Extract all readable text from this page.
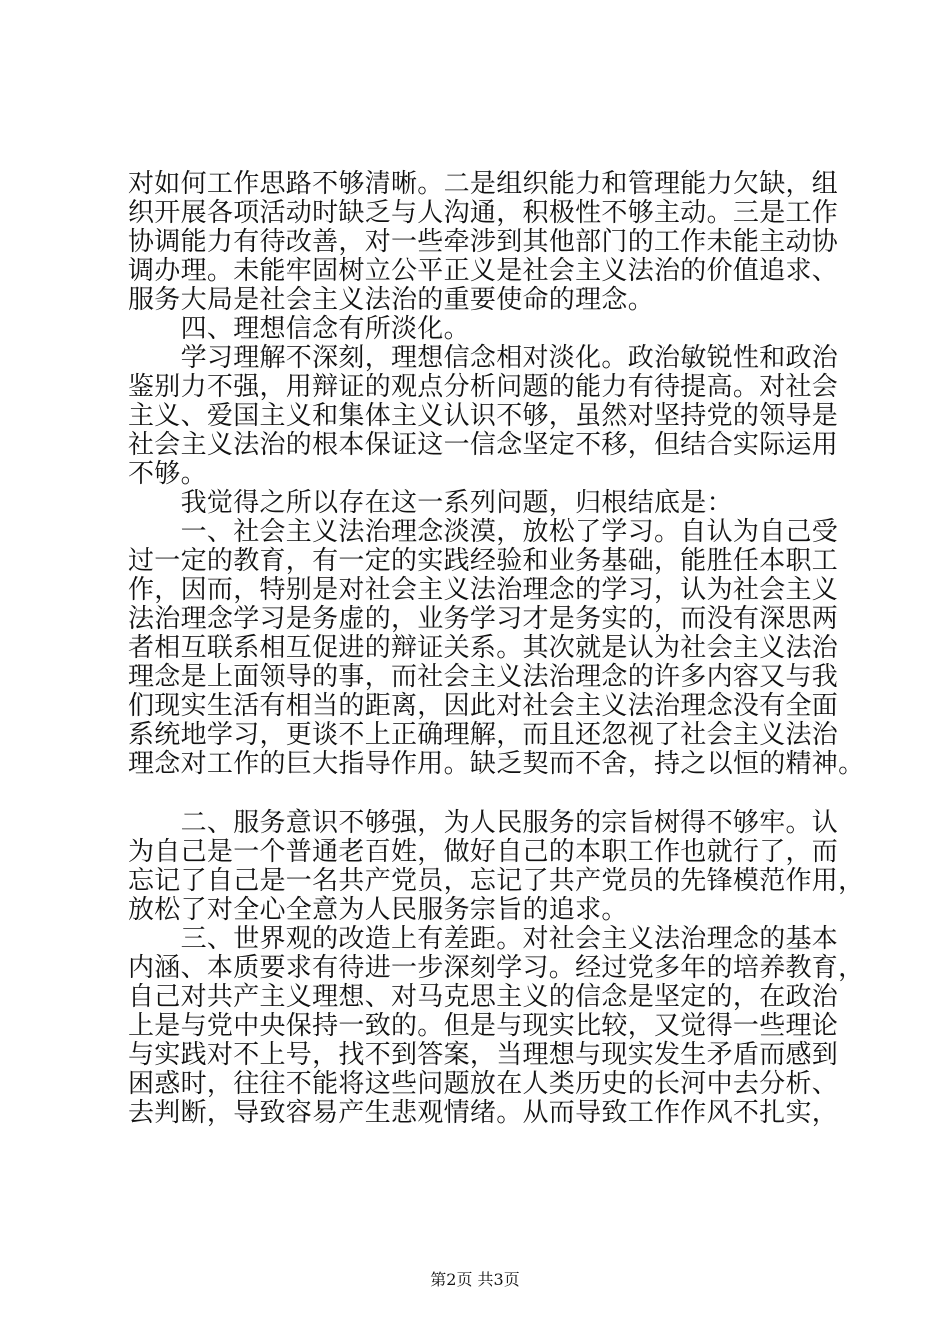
对如何工作思路不够清晰。二是组织能力和管理能力欠缺，组
织开展各项活动时缺乏与人沟通，积极性不够主动。三是工作
协调能力有待改善，对一些牵涉到其他部门的工作未能主动协
调办理。未能牢固树立公平正义是社会主义法治的价值追求、
服务大局是社会主义法治的重要使命的理念。
　　四、理想信念有所淡化。
　　学习理解不深刻，理想信念相对淡化。政治敏锐性和政治
鉴别力不强，用辩证的观点分析问题的能力有待提高。对社会
主义、爱国主义和集体主义认识不够，虽然对坚持党的领导是
社会主义法治的根本保证这一信念坚定不移，但结合实际运用
不够。
　　我觉得之所以存在这一系列问题，归根结底是：
　　一、社会主义法治理念淡漠，放松了学习。自认为自己受
过一定的教育，有一定的实践经验和业务基础，能胜任本职工
作，因而，特别是对社会主义法治理念的学习，认为社会主义
法治理念学习是务虚的，业务学习才是务实的，而没有深思两
者相互联系相互促进的辩证关系。其次就是认为社会主义法治
理念是上面领导的事，而社会主义法治理念的许多内容又与我
们现实生活有相当的距离，因此对社会主义法治理念没有全面
系统地学习，更谈不上正确理解，而且还忽视了社会主义法治
理念对工作的巨大指导作用。缺乏契而不舍，持之以恒的精神。
　　二、服务意识不够强，为人民服务的宗旨树得不够牢。认
为自己是一个普通老百姓，做好自己的本职工作也就行了，而
忘记了自己是一名共产党员，忘记了共产党员的先锋模范作用，
放松了对全心全意为人民服务宗旨的追求。
　　三、世界观的改造上有差距。对社会主义法治理念的基本
内涵、本质要求有待进一步深刻学习。经过党多年的培养教育，
自己对共产主义理想、对马克思主义的信念是坚定的，在政治
上是与党中央保持一致的。但是与现实比较，又觉得一些理论
与实践对不上号，找不到答案，当理想与现实发生矛盾而感到
困惑时，往往不能将这些问题放在人类历史的长河中去分析、
去判断，导致容易产生悲观情绪。从而导致工作作风不扎实，
第2页 共3页
